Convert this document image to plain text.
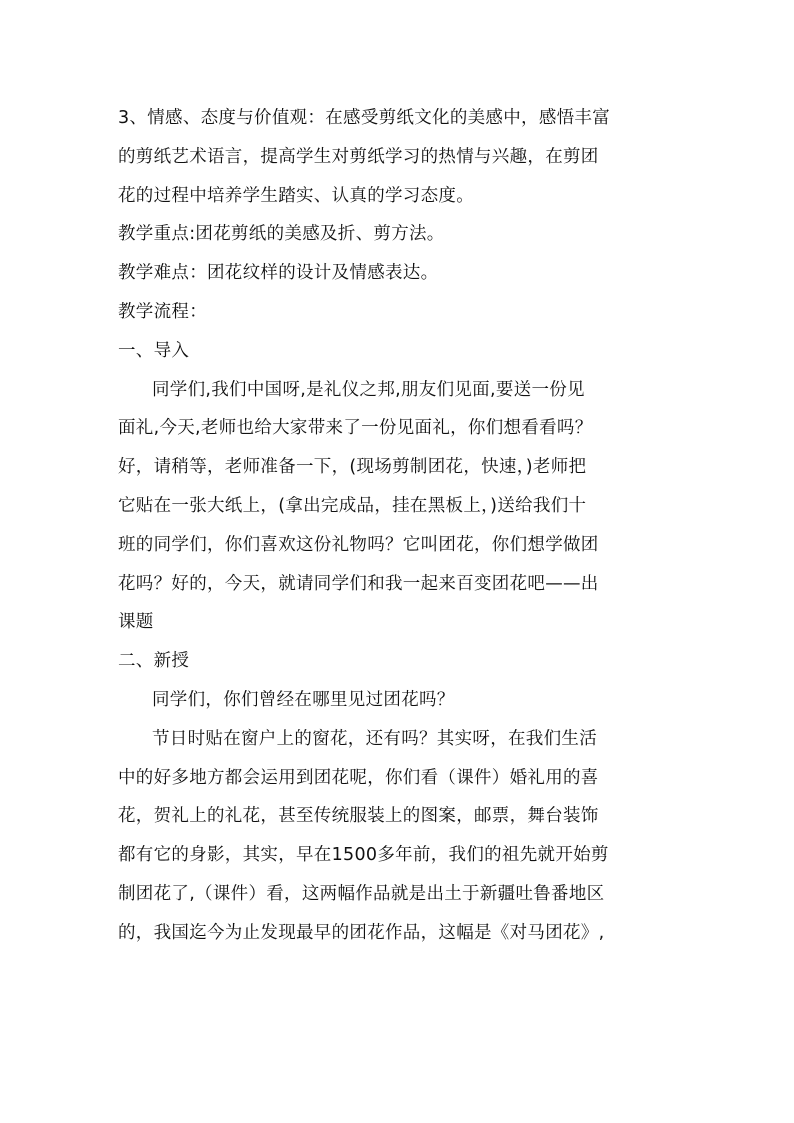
3、情感、态度与价值观：在感受剪纸文化的美感中，感悟丰富
的剪纸艺术语言，提高学生对剪纸学习的热情与兴趣，在剪团
花的过程中培养学生踏实、认真的学习态度。
教学重点:团花剪纸的美感及折、剪方法。
教学难点：团花纹样的设计及情感表达。
教学流程：
一、导入
同学们,我们中国呀,是礼仪之邦,朋友们见面,要送一份见
面礼,今天,老师也给大家带来了一份见面礼，你们想看看吗？
好，请稍等，老师准备一下，(现场剪制团花，快速，)老师把
它贴在一张大纸上，(拿出完成品，挂在黑板上，)送给我们十
班的同学们，你们喜欢这份礼物吗？它叫团花，你们想学做团
花吗？好的，今天，就请同学们和我一起来百变团花吧——出
课题
二、新授
同学们，你们曾经在哪里见过团花吗？
节日时贴在窗户上的窗花，还有吗？其实呀，在我们生活
中的好多地方都会运用到团花呢，你们看（课件）婚礼用的喜
花，贺礼上的礼花，甚至传统服装上的图案，邮票，舞台装饰
都有它的身影，其实，早在1500多年前，我们的祖先就开始剪
制团花了,（课件）看，这两幅作品就是出土于新疆吐鲁番地区
的，我国迄今为止发现最早的团花作品，这幅是《对马团花》,
